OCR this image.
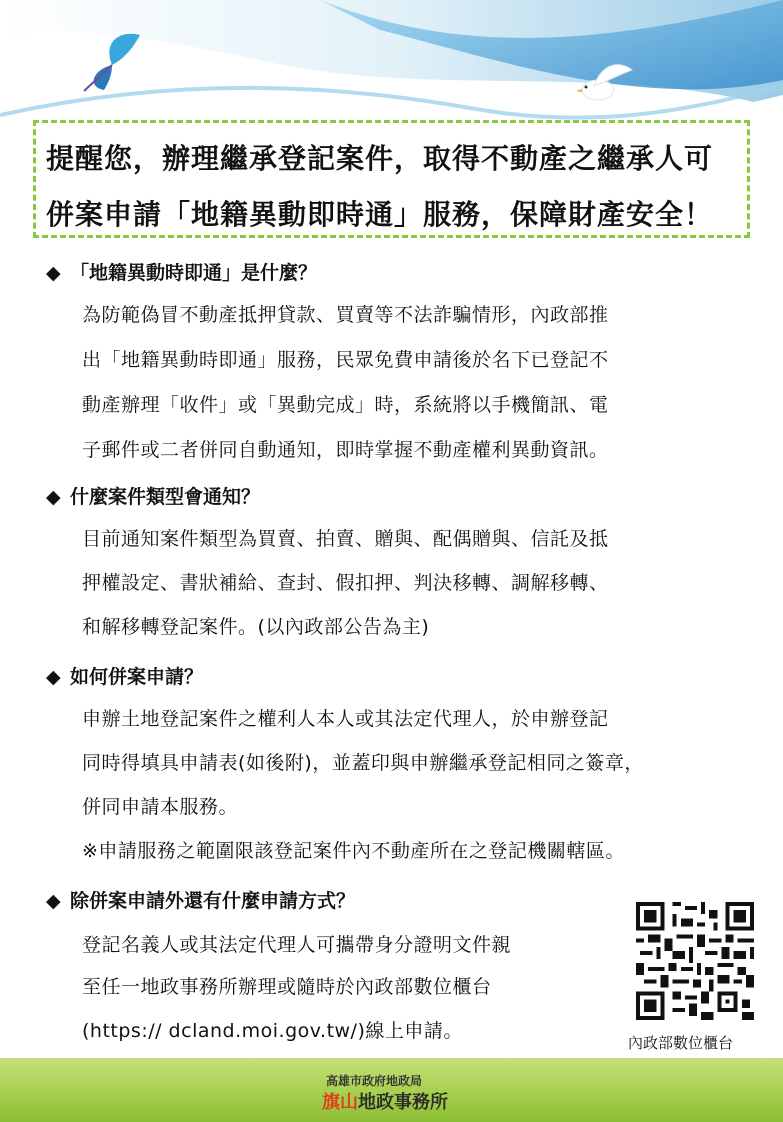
提醒您，辦理繼承登記案件，取得不動產之繼承人可
併案申請「地籍異動即時通」服務，保障財產安全！
◆ 「地籍異動時即通」是什麼？
為防範偽冒不動產抵押貸款、買賣等不法詐騙情形，內政部推
出「地籍異動時即通」服務，民眾免費申請後於名下已登記不
動產辦理「收件」或「異動完成」時，系統將以手機簡訊、電
子郵件或二者併同自動通知，即時掌握不動產權利異動資訊。
◆ 什麼案件類型會通知？
目前通知案件類型為買賣、拍賣、贈與、配偶贈與、信託及抵
押權設定、書狀補給、查封、假扣押、判決移轉、調解移轉、
和解移轉登記案件。(以內政部公告為主)
◆ 如何併案申請？
申辦土地登記案件之權利人本人或其法定代理人，於申辦登記
同時得填具申請表(如後附)，並蓋印與申辦繼承登記相同之簽章，
併同申請本服務。
※申請服務之範圍限該登記案件內不動產所在之登記機關轄區。
◆ 除併案申請外還有什麼申請方式？
登記名義人或其法定代理人可攜帶身分證明文件親
至任一地政事務所辦理或隨時於內政部數位櫃台
(https:// dcland.moi.gov.tw/)線上申請。
內政部數位櫃台
高雄市政府地政局
旗山地政事務所
